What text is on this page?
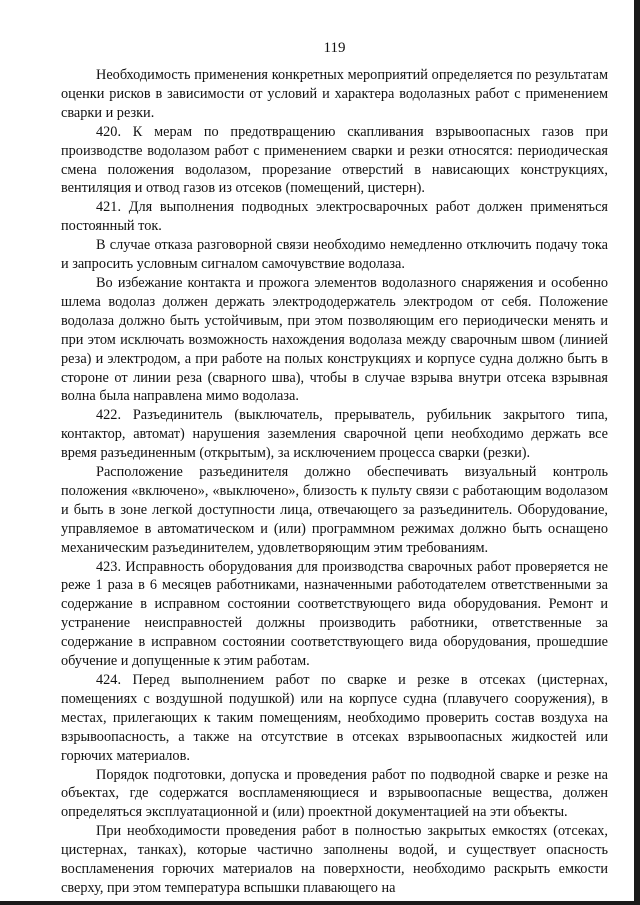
119

Необходимость применения конкретных мероприятий определяется по результатам оценки рисков в зависимости от условий и характера водолазных работ с применением сварки и резки.

420. К мерам по предотвращению скапливания взрывоопасных газов при производстве водолазом работ с применением сварки и резки относятся: периодическая смена положения водолазом, прорезание отверстий в нависающих конструкциях, вентиляция и отвод газов из отсеков (помещений, цистерн).

421. Для выполнения подводных электросварочных работ должен применяться постоянный ток.

В случае отказа разговорной связи необходимо немедленно отключить подачу тока и запросить условным сигналом самочувствие водолаза.

Во избежание контакта и прожога элементов водолазного снаряжения и особенно шлема водолаз должен держать электрододержатель электродом от себя. Положение водолаза должно быть устойчивым, при этом позволяющим его периодически менять и при этом исключать возможность нахождения водолаза между сварочным швом (линией реза) и электродом, а при работе на полых конструкциях и корпусе судна должно быть в стороне от линии реза (сварного шва), чтобы в случае взрыва внутри отсека взрывная волна была направлена мимо водолаза.

422. Разъединитель (выключатель, прерыватель, рубильник закрытого типа, контактор, автомат) нарушения заземления сварочной цепи необходимо держать все время разъединенным (открытым), за исключением процесса сварки (резки).

Расположение разъединителя должно обеспечивать визуальный контроль положения «включено», «выключено», близость к пульту связи с работающим водолазом и быть в зоне легкой доступности лица, отвечающего за разъединитель. Оборудование, управляемое в автоматическом и (или) программном режимах должно быть оснащено механическим разъединителем, удовлетворяющим этим требованиям.

423. Исправность оборудования для производства сварочных работ проверяется не реже 1 раза в 6 месяцев работниками, назначенными работодателем ответственными за содержание в исправном состоянии соответствующего вида оборудования. Ремонт и устранение неисправностей должны производить работники, ответственные за содержание в исправном состоянии соответствующего вида оборудования, прошедшие обучение и допущенные к этим работам.

424. Перед выполнением работ по сварке и резке в отсеках (цистернах, помещениях с воздушной подушкой) или на корпусе судна (плавучего сооружения), в местах, прилегающих к таким помещениям, необходимо проверить состав воздуха на взрывоопасность, а также на отсутствие в отсеках взрывоопасных жидкостей или горючих материалов.

Порядок подготовки, допуска и проведения работ по подводной сварке и резке на объектах, где содержатся воспламеняющиеся и взрывоопасные вещества, должен определяться эксплуатационной и (или) проектной документацией на эти объекты.

При необходимости проведения работ в полностью закрытых емкостях (отсеках, цистернах, танках), которые частично заполнены водой, и существует опасность воспламенения горючих материалов на поверхности, необходимо раскрыть емкости сверху, при этом температура вспышки плавающего на
